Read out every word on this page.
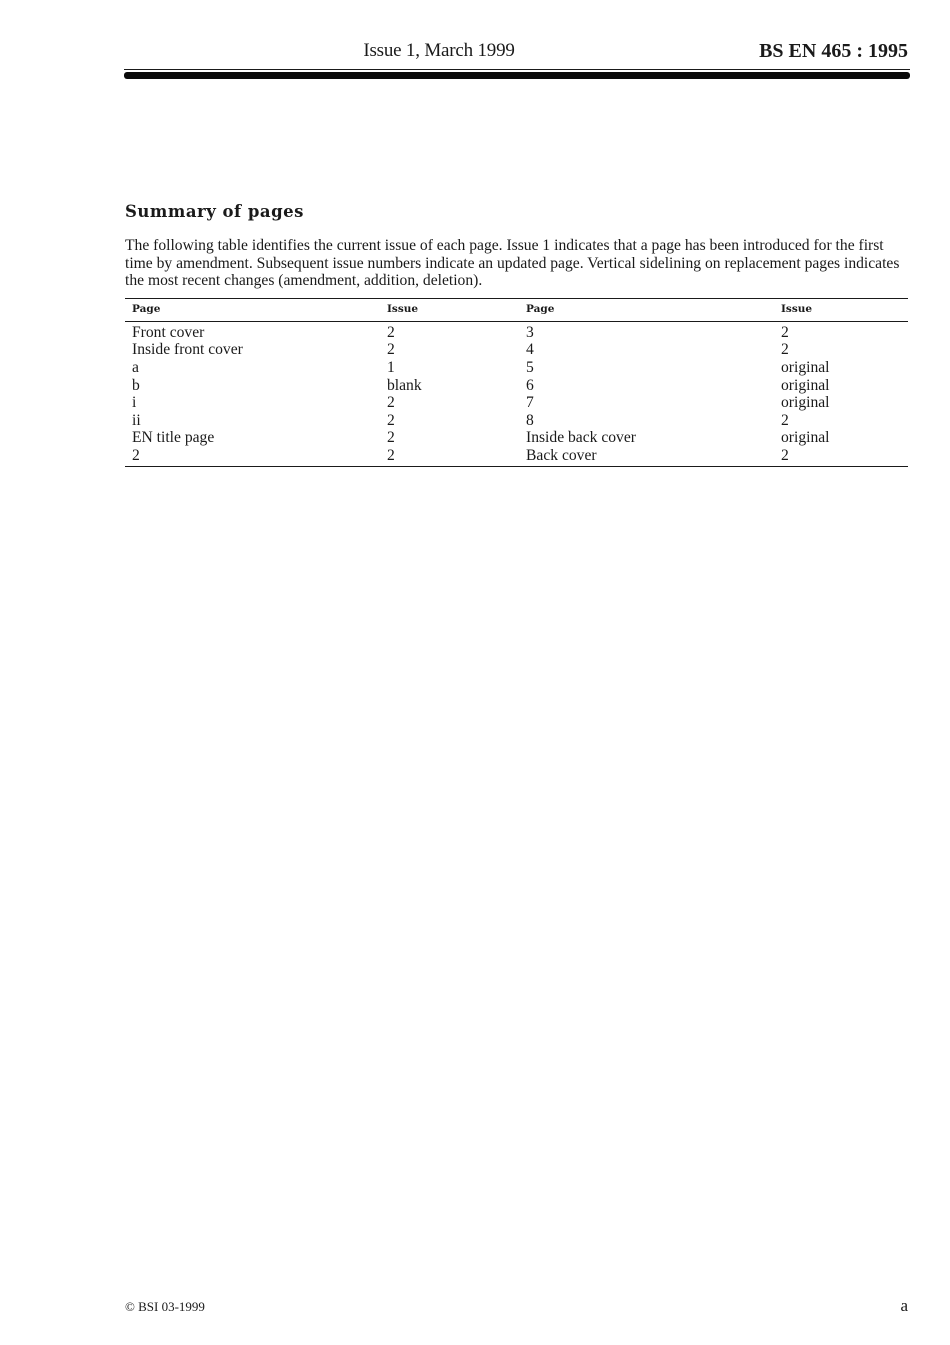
Issue 1, March 1999	BS EN 465 : 1995
Summary of pages

The following table identifies the current issue of each page. Issue 1 indicates that a page has been introduced for the first time by amendment. Subsequent issue numbers indicate an updated page. Vertical sidelining on replacement pages indicates the most recent changes (amendment, addition, deletion).

Page	Issue	Page	Issue
Front cover	2	3	2
Inside front cover	2	4	2
a	1	5	original
b	blank	6	original
i	2	7	original
ii	2	8	2
EN title page	2	Inside back cover	original
2	2	Back cover	2
© BSI 03-1999	a
